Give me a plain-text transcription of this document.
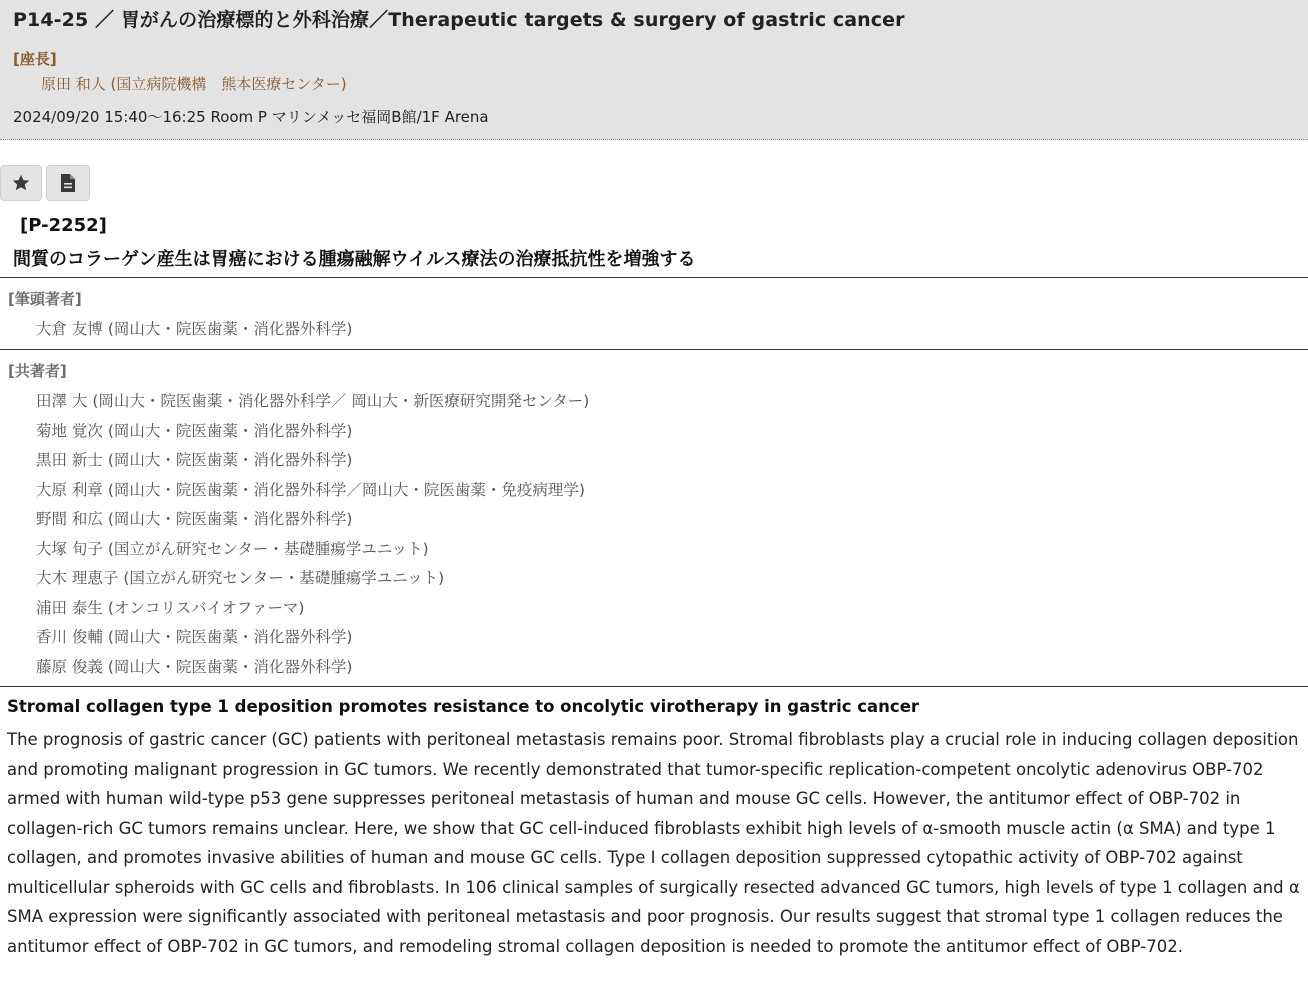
P14-25 ／ 胃がんの治療標的と外科治療／Therapeutic targets & surgery of gastric cancer
[座長]
原田 和人 (国立病院機構　熊本医療センター)
2024/09/20 15:40～16:25 Room P マリンメッセ福岡B館/1F Arena
[P-2252]
間質のコラーゲン産生は胃癌における腫瘍融解ウイルス療法の治療抵抗性を増強する
[筆頭著者]
大倉 友博 (岡山大・院医歯薬・消化器外科学)
[共著者]
田澤 大 (岡山大・院医歯薬・消化器外科学／ 岡山大・新医療研究開発センター)
菊地 覚次 (岡山大・院医歯薬・消化器外科学)
黒田 新士 (岡山大・院医歯薬・消化器外科学)
大原 利章 (岡山大・院医歯薬・消化器外科学／岡山大・院医歯薬・免疫病理学)
野間 和広 (岡山大・院医歯薬・消化器外科学)
大塚 旬子 (国立がん研究センター・基礎腫瘍学ユニット)
大木 理恵子 (国立がん研究センター・基礎腫瘍学ユニット)
浦田 泰生 (オンコリスバイオファーマ)
香川 俊輔 (岡山大・院医歯薬・消化器外科学)
藤原 俊義 (岡山大・院医歯薬・消化器外科学)
Stromal collagen type 1 deposition promotes resistance to oncolytic virotherapy in gastric cancer
The prognosis of gastric cancer (GC) patients with peritoneal metastasis remains poor. Stromal fibroblasts play a crucial role in inducing collagen deposition and promoting malignant progression in GC tumors. We recently demonstrated that tumor-specific replication-competent oncolytic adenovirus OBP-702 armed with human wild-type p53 gene suppresses peritoneal metastasis of human and mouse GC cells. However, the antitumor effect of OBP-702 in collagen-rich GC tumors remains unclear. Here, we show that GC cell-induced fibroblasts exhibit high levels of α-smooth muscle actin (α SMA) and type 1 collagen, and promotes invasive abilities of human and mouse GC cells. Type I collagen deposition suppressed cytopathic activity of OBP-702 against multicellular spheroids with GC cells and fibroblasts. In 106 clinical samples of surgically resected advanced GC tumors, high levels of type 1 collagen and α SMA expression were significantly associated with peritoneal metastasis and poor prognosis. Our results suggest that stromal type 1 collagen reduces the antitumor effect of OBP-702 in GC tumors, and remodeling stromal collagen deposition is needed to promote the antitumor effect of OBP-702.
